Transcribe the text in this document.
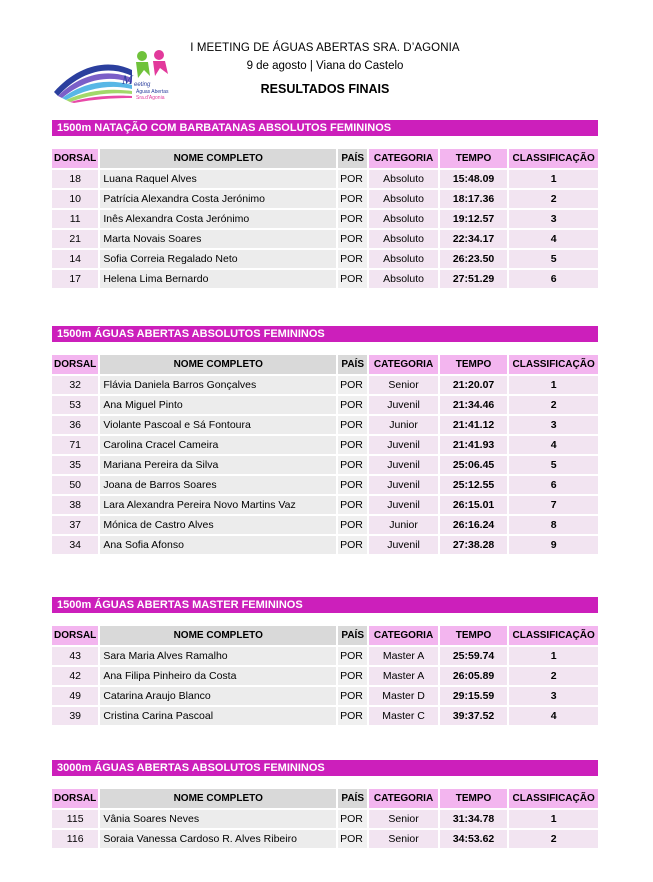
M eeting
Águas Abertas
Sra.d'Agonia
I MEETING DE ÁGUAS ABERTAS SRA. D’AGONIA
9 de agosto | Viana do Castelo
RESULTADOS FINAIS
1500m NATAÇÃO COM BARBATANAS ABSOLUTOS FEMININOS
DORSAL	NOME COMPLETO	PAÍS	CATEGORIA	TEMPO	CLASSIFICAÇÃO
18	Luana Raquel Alves	POR	Absoluto	15:48.09	1
10	Patrícia Alexandra Costa Jerónimo	POR	Absoluto	18:17.36	2
11	Inês Alexandra Costa Jerónimo	POR	Absoluto	19:12.57	3
21	Marta Novais Soares	POR	Absoluto	22:34.17	4
14	Sofia Correia Regalado Neto	POR	Absoluto	26:23.50	5
17	Helena Lima Bernardo	POR	Absoluto	27:51.29	6
1500m ÁGUAS ABERTAS ABSOLUTOS FEMININOS
DORSAL	NOME COMPLETO	PAÍS	CATEGORIA	TEMPO	CLASSIFICAÇÃO
32	Flávia Daniela Barros Gonçalves	POR	Senior	21:20.07	1
53	Ana Miguel Pinto	POR	Juvenil	21:34.46	2
36	Violante Pascoal e Sá Fontoura	POR	Junior	21:41.12	3
71	Carolina Cracel Cameira	POR	Juvenil	21:41.93	4
35	Mariana Pereira da Silva	POR	Juvenil	25:06.45	5
50	Joana de Barros Soares	POR	Juvenil	25:12.55	6
38	Lara Alexandra Pereira Novo Martins Vaz	POR	Juvenil	26:15.01	7
37	Mónica de Castro Alves	POR	Junior	26:16.24	8
34	Ana Sofia Afonso	POR	Juvenil	27:38.28	9
1500m ÁGUAS ABERTAS MASTER FEMININOS
DORSAL	NOME COMPLETO	PAÍS	CATEGORIA	TEMPO	CLASSIFICAÇÃO
43	Sara Maria Alves Ramalho	POR	Master A	25:59.74	1
42	Ana Filipa Pinheiro da Costa	POR	Master A	26:05.89	2
49	Catarina Araujo Blanco	POR	Master D	29:15.59	3
39	Cristina Carina Pascoal	POR	Master C	39:37.52	4
3000m ÁGUAS ABERTAS ABSOLUTOS FEMININOS
DORSAL	NOME COMPLETO	PAÍS	CATEGORIA	TEMPO	CLASSIFICAÇÃO
115	Vânia Soares Neves	POR	Senior	31:34.78	1
116	Soraia Vanessa Cardoso R. Alves Ribeiro	POR	Senior	34:53.62	2
